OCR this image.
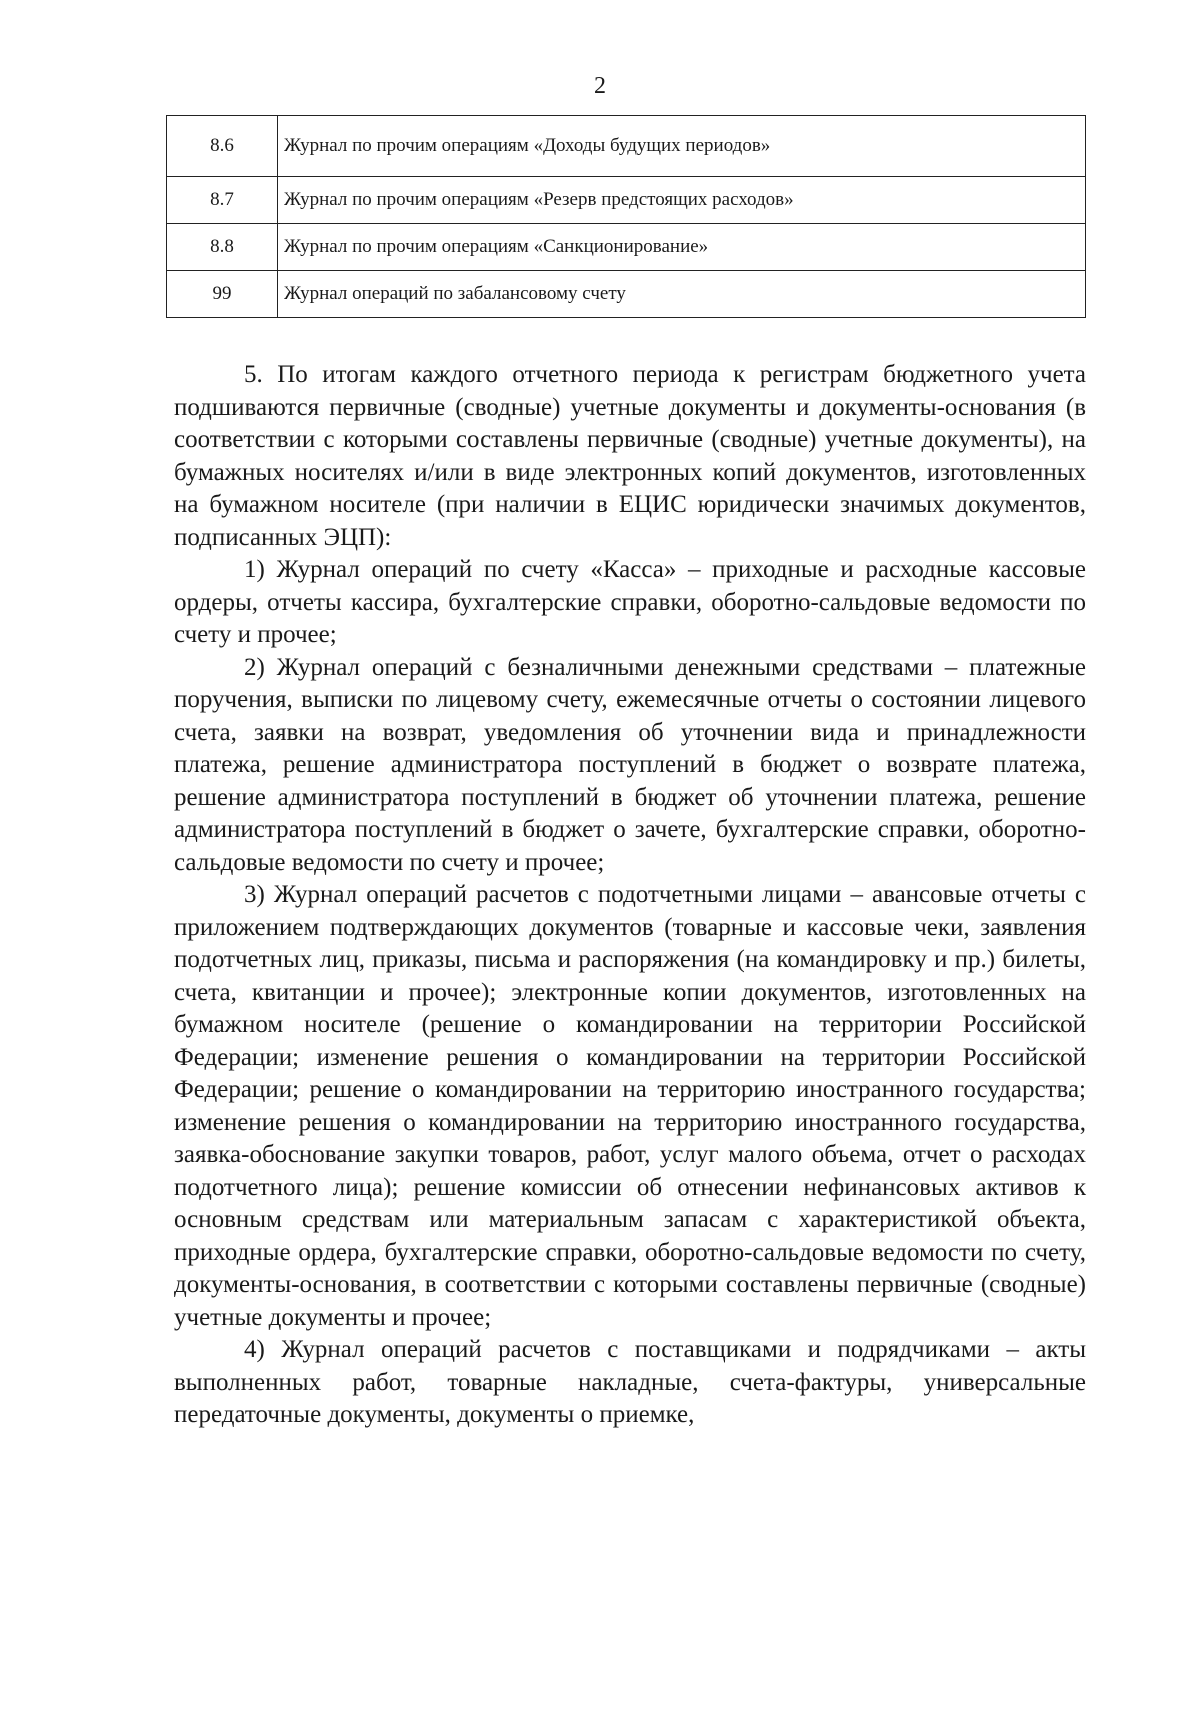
2
8.6	Журнал по прочим операциям «Доходы будущих периодов»
8.7	Журнал по прочим операциям «Резерв предстоящих расходов»
8.8	Журнал по прочим операциям «Санкционирование»
99	Журнал операций по забалансовому счету

5. По итогам каждого отчетного периода к регистрам бюджетного учета подшиваются первичные (сводные) учетные документы и документы-основания (в соответствии с которыми составлены первичные (сводные) учетные документы), на бумажных носителях и/или в виде электронных копий документов, изготовленных на бумажном носителе (при наличии в ЕЦИС юридически значимых документов, подписанных ЭЦП):

1) Журнал операций по счету «Касса» – приходные и расходные кассовые ордеры, отчеты кассира, бухгалтерские справки, оборотно-сальдовые ведомости по счету и прочее;

2) Журнал операций с безналичными денежными средствами – платежные поручения, выписки по лицевому счету, ежемесячные отчеты о состоянии лицевого счета, заявки на возврат, уведомления об уточнении вида и принадлежности платежа, решение администратора поступлений в бюджет о возврате платежа, решение администратора поступлений в бюджет об уточнении платежа, решение администратора поступлений в бюджет о зачете, бухгалтерские справки, оборотно-сальдовые ведомости по счету и прочее;

3) Журнал операций расчетов с подотчетными лицами – авансовые отчеты с приложением подтверждающих документов (товарные и кассовые чеки, заявления подотчетных лиц, приказы, письма и распоряжения (на командировку и пр.) билеты, счета, квитанции и прочее); электронные копии документов, изготовленных на бумажном носителе (решение о командировании на территории Российской Федерации; изменение решения о командировании на территории Российской Федерации; решение о командировании на территорию иностранного государства; изменение решения о командировании на территорию иностранного государства, заявка-обоснование закупки товаров, работ, услуг малого объема, отчет о расходах подотчетного лица); решение комиссии об отнесении нефинансовых активов к основным средствам или материальным запасам с характеристикой объекта, приходные ордера, бухгалтерские справки, оборотно-сальдовые ведомости по счету, документы-основания, в соответствии с которыми составлены первичные (сводные) учетные документы и прочее;

4) Журнал операций расчетов с поставщиками и подрядчиками – акты выполненных работ, товарные накладные, счета-фактуры, универсальные передаточные документы, документы о приемке,
